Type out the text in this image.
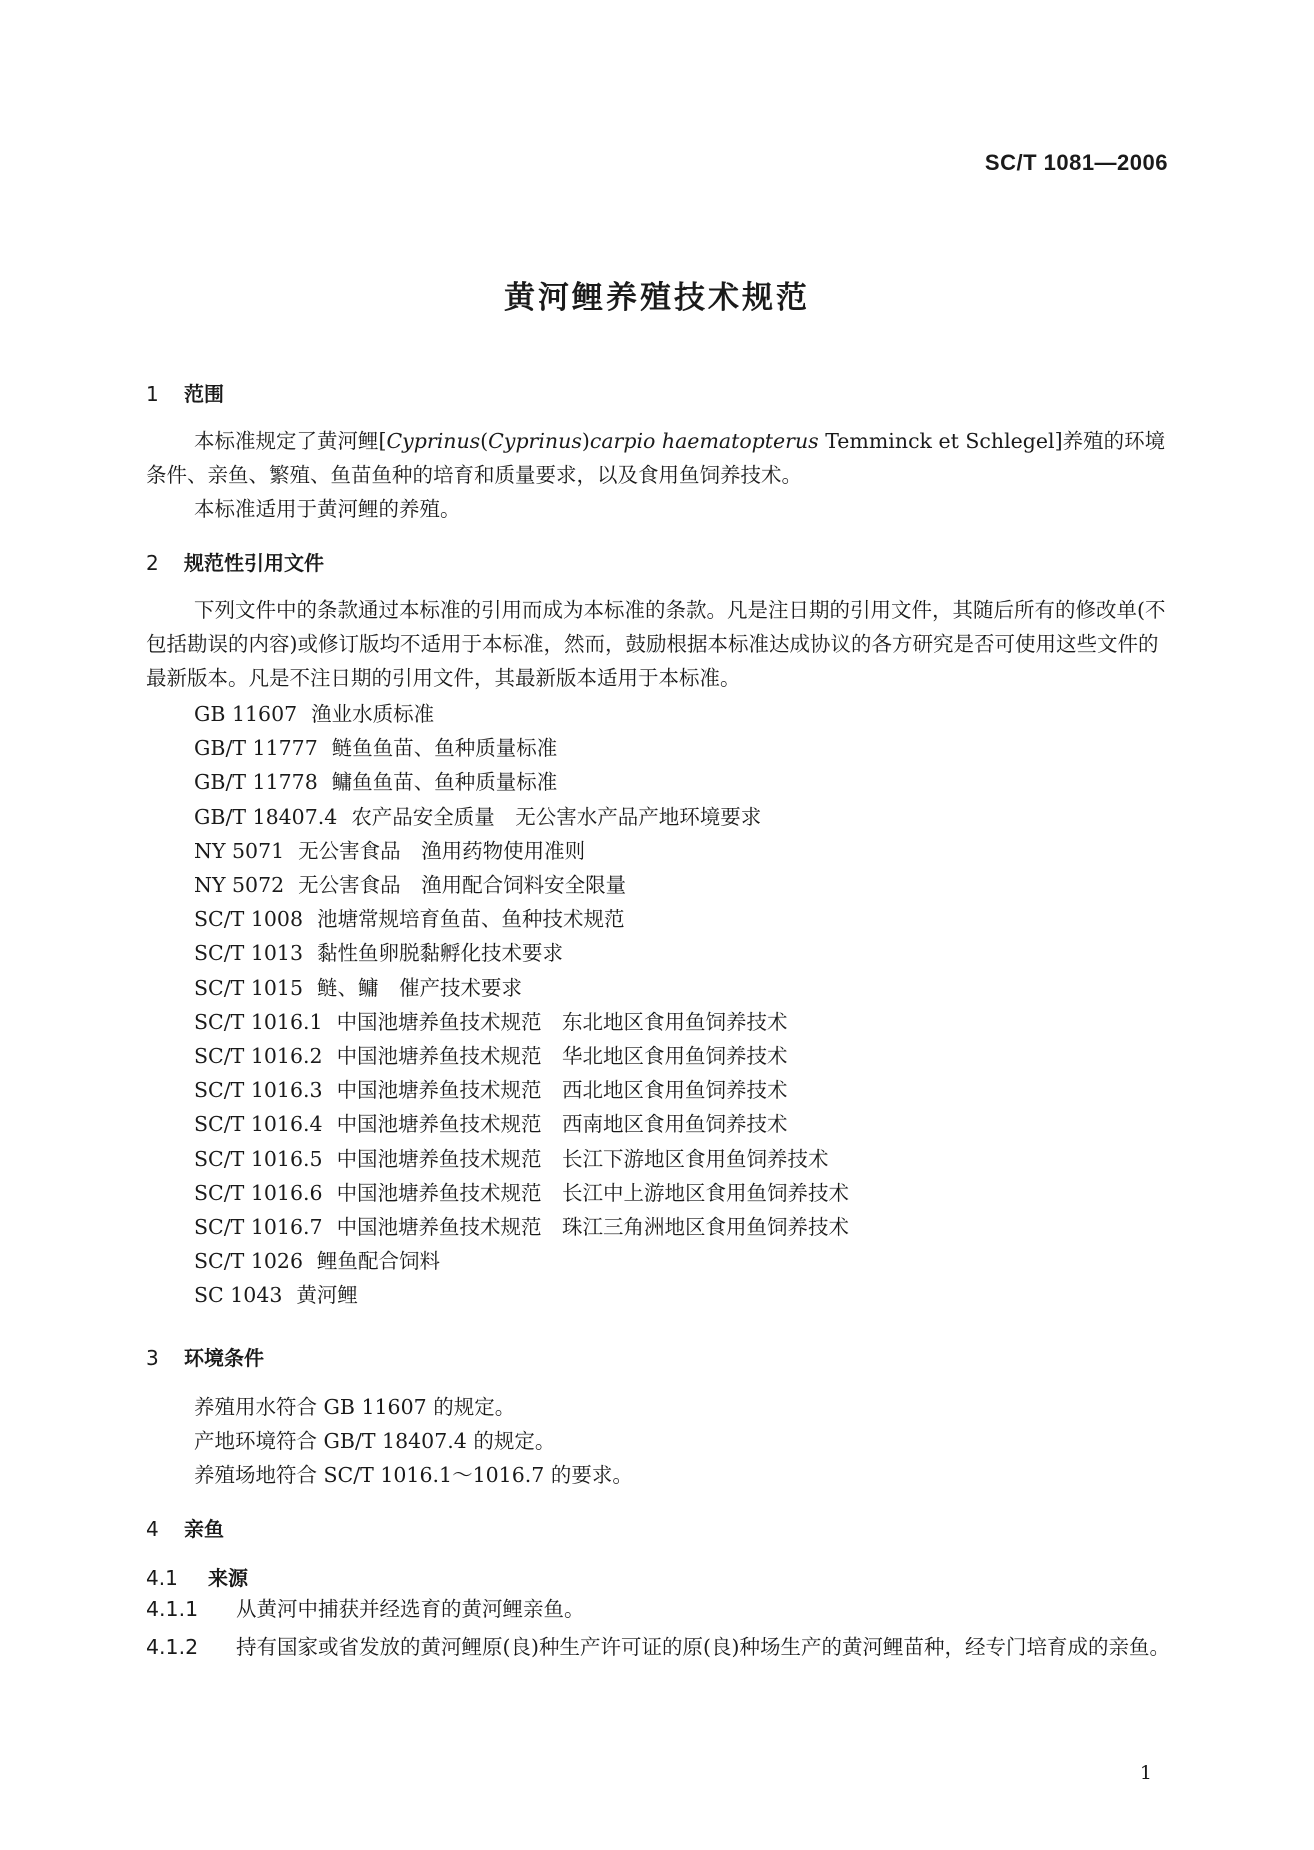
SC/T 1081—2006
黄河鲤养殖技术规范
1 范围
本标准规定了黄河鲤[Cyprinus(Cyprinus)carpio haematopterus Temminck et Schlegel]养殖的环境条件、亲鱼、繁殖、鱼苗鱼种的培育和质量要求，以及食用鱼饲养技术。
本标准适用于黄河鲤的养殖。
2 规范性引用文件
下列文件中的条款通过本标准的引用而成为本标准的条款。凡是注日期的引用文件，其随后所有的修改单(不包括勘误的内容)或修订版均不适用于本标准，然而，鼓励根据本标准达成协议的各方研究是否可使用这些文件的最新版本。凡是不注日期的引用文件，其最新版本适用于本标准。
GB 11607 渔业水质标准
GB/T 11777 鲢鱼鱼苗、鱼种质量标准
GB/T 11778 鳙鱼鱼苗、鱼种质量标准
GB/T 18407.4 农产品安全质量　无公害水产品产地环境要求
NY 5071 无公害食品　渔用药物使用准则
NY 5072 无公害食品　渔用配合饲料安全限量
SC/T 1008 池塘常规培育鱼苗、鱼种技术规范
SC/T 1013 黏性鱼卵脱黏孵化技术要求
SC/T 1015 鲢、鳙　催产技术要求
SC/T 1016.1 中国池塘养鱼技术规范　东北地区食用鱼饲养技术
SC/T 1016.2 中国池塘养鱼技术规范　华北地区食用鱼饲养技术
SC/T 1016.3 中国池塘养鱼技术规范　西北地区食用鱼饲养技术
SC/T 1016.4 中国池塘养鱼技术规范　西南地区食用鱼饲养技术
SC/T 1016.5 中国池塘养鱼技术规范　长江下游地区食用鱼饲养技术
SC/T 1016.6 中国池塘养鱼技术规范　长江中上游地区食用鱼饲养技术
SC/T 1016.7 中国池塘养鱼技术规范　珠江三角洲地区食用鱼饲养技术
SC/T 1026 鲤鱼配合饲料
SC 1043 黄河鲤
3 环境条件
养殖用水符合 GB 11607 的规定。
产地环境符合 GB/T 18407.4 的规定。
养殖场地符合 SC/T 1016.1～1016.7 的要求。
4 亲鱼
4.1 来源
4.1.1 从黄河中捕获并经选育的黄河鲤亲鱼。
4.1.2 持有国家或省发放的黄河鲤原(良)种生产许可证的原(良)种场生产的黄河鲤苗种，经专门培育成的亲鱼。
1
